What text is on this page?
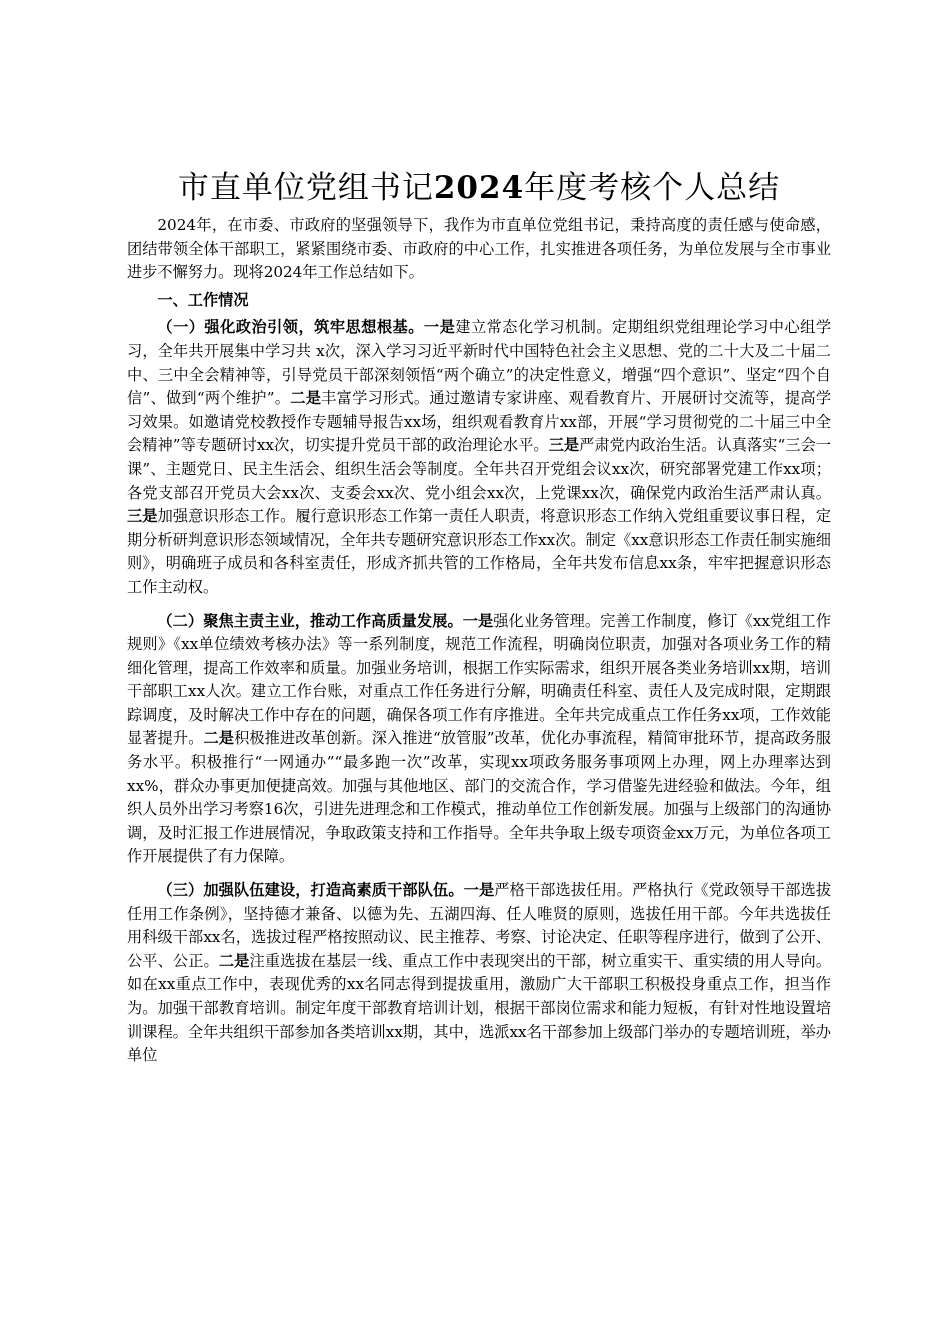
市直单位党组书记2024年度考核个人总结

2024年，在市委、市政府的坚强领导下，我作为市直单位党组书记，秉持高度的责任感与使命感，团结带领全体干部职工，紧紧围绕市委、市政府的中心工作，扎实推进各项任务，为单位发展与全市事业进步不懈努力。现将2024年工作总结如下。

一、工作情况

（一）强化政治引领，筑牢思想根基。一是建立常态化学习机制。定期组织党组理论学习中心组学习，全年共开展集中学习共 x次，深入学习习近平新时代中国特色社会主义思想、党的二十大及二十届二中、三中全会精神等，引导党员干部深刻领悟“两个确立”的决定性意义，增强“四个意识”、坚定“四个自信”、做到“两个维护”。二是丰富学习形式。通过邀请专家讲座、观看教育片、开展研讨交流等，提高学习效果。如邀请党校教授作专题辅导报告xx场，组织观看教育片xx部，开展“学习贯彻党的二十届三中全会精神”等专题研讨xx次，切实提升党员干部的政治理论水平。三是严肃党内政治生活。认真落实“三会一课”、主题党日、民主生活会、组织生活会等制度。全年共召开党组会议xx次，研究部署党建工作xx项；各党支部召开党员大会xx次、支委会xx次、党小组会xx次，上党课xx次，确保党内政治生活严肃认真。三是加强意识形态工作。履行意识形态工作第一责任人职责，将意识形态工作纳入党组重要议事日程，定期分析研判意识形态领域情况，全年共专题研究意识形态工作xx次。制定《xx意识形态工作责任制实施细则》，明确班子成员和各科室责任，形成齐抓共管的工作格局，全年共发布信息xx条，牢牢把握意识形态工作主动权。

（二）聚焦主责主业，推动工作高质量发展。一是强化业务管理。完善工作制度，修订《xx党组工作规则》《xx单位绩效考核办法》等一系列制度，规范工作流程，明确岗位职责，加强对各项业务工作的精细化管理，提高工作效率和质量。加强业务培训，根据工作实际需求，组织开展各类业务培训xx期，培训干部职工xx人次。建立工作台账，对重点工作任务进行分解，明确责任科室、责任人及完成时限，定期跟踪调度，及时解决工作中存在的问题，确保各项工作有序推进。全年共完成重点工作任务xx项，工作效能显著提升。二是积极推进改革创新。深入推进“放管服”改革，优化办事流程，精简审批环节，提高政务服务水平。积极推行“一网通办”“最多跑一次”改革，实现xx项政务服务事项网上办理，网上办理率达到xx%，群众办事更加便捷高效。加强与其他地区、部门的交流合作，学习借鉴先进经验和做法。今年，组织人员外出学习考察16次，引进先进理念和工作模式，推动单位工作创新发展。加强与上级部门的沟通协调，及时汇报工作进展情况，争取政策支持和工作指导。全年共争取上级专项资金xx万元，为单位各项工作开展提供了有力保障。

（三）加强队伍建设，打造高素质干部队伍。一是严格干部选拔任用。严格执行《党政领导干部选拔任用工作条例》，坚持德才兼备、以德为先、五湖四海、任人唯贤的原则，选拔任用干部。今年共选拔任用科级干部xx名，选拔过程严格按照动议、民主推荐、考察、讨论决定、任职等程序进行，做到了公开、公平、公正。二是注重选拔在基层一线、重点工作中表现突出的干部，树立重实干、重实绩的用人导向。如在xx重点工作中，表现优秀的xx名同志得到提拔重用，激励广大干部职工积极投身重点工作，担当作为。加强干部教育培训。制定年度干部教育培训计划，根据干部岗位需求和能力短板，有针对性地设置培训课程。全年共组织干部参加各类培训xx期，其中，选派xx名干部参加上级部门举办的专题培训班，举办单位
